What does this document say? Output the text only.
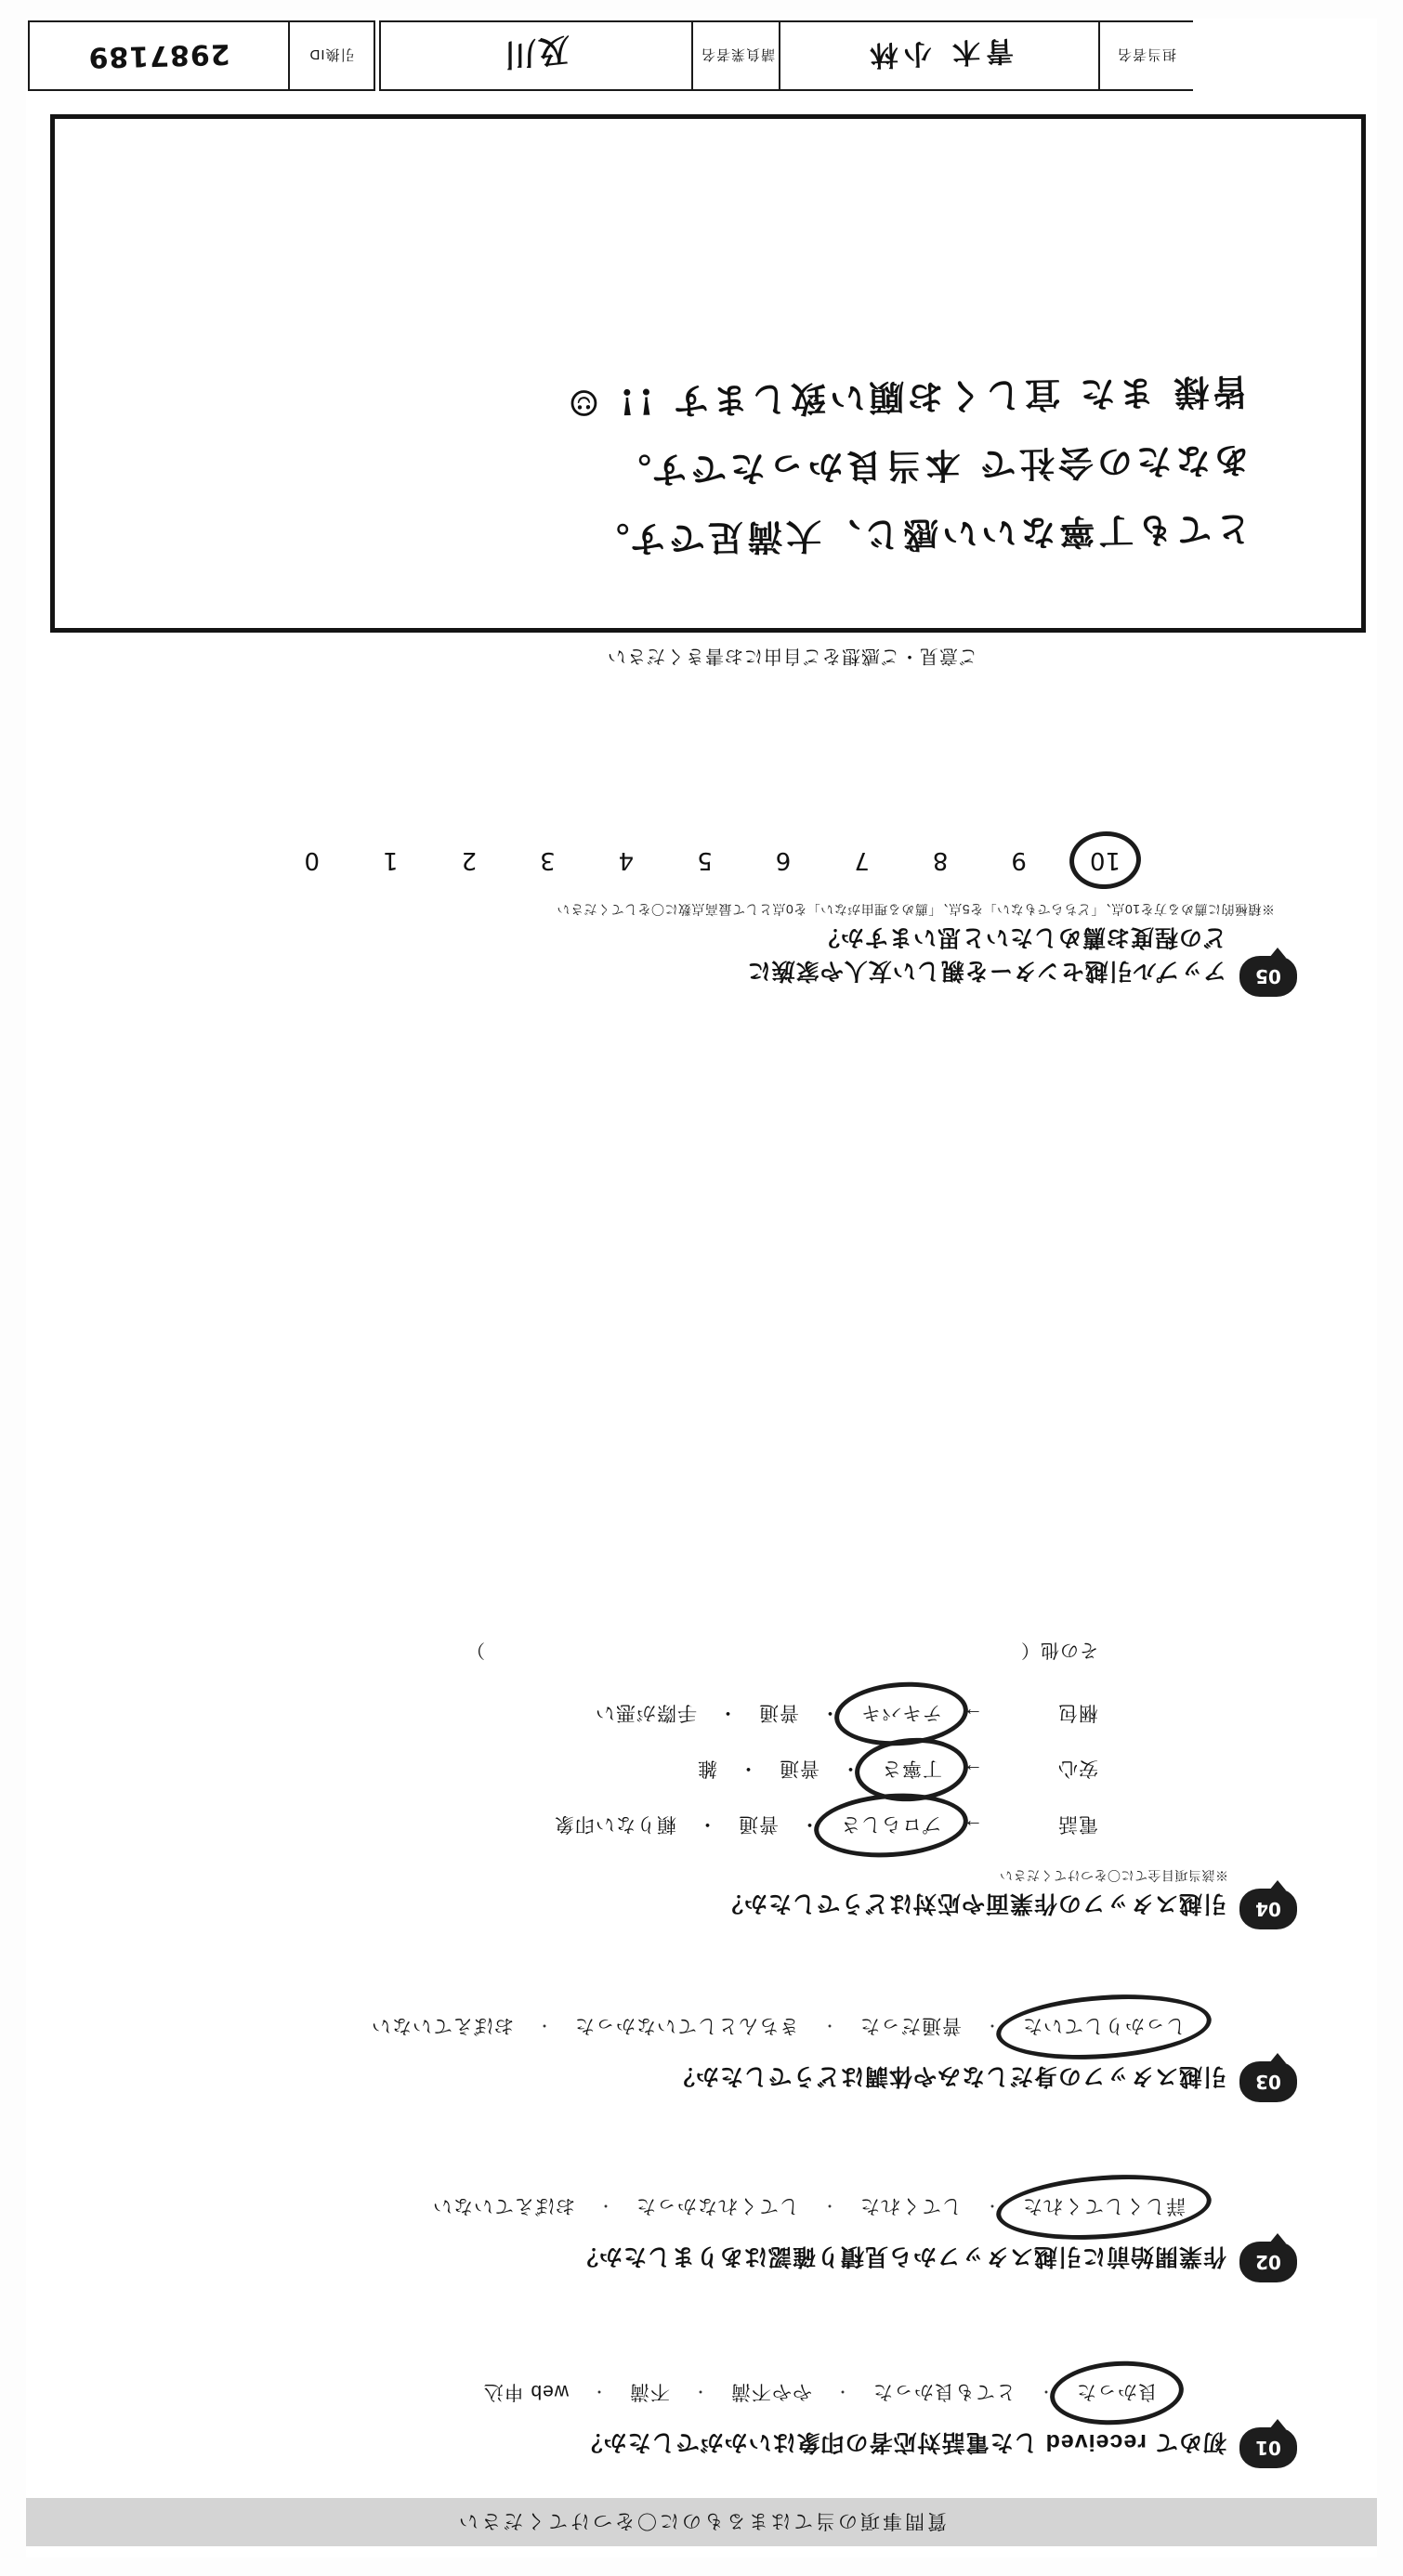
引換ID
2987189	請負業者名
及川	担当者名
青木 小林
質問事項の当てはまるものに〇をつけてください
01
初めて received した電話対応者の印象はいかがでしたか？
良かった
・
とても良かった
・
やや不満
・
不満
・
web 申込
02
作業開始前に引越スタッフから見積り確認はありましたか？
詳しくしてくれた
・
してくれた
・
してくれなかった
・
おぼえていない
03
引越スタッフの身だしなみや体調はどうでしたか？
しっかりしていた
・
普通だった
・
きちんとしていなかった
・
おぼえていない
04
引越スタッフの作業面や応対はどうでしたか？
※該当項目全てに〇をつけてください
電話
→
プロらしさ
・
普通
・
頼りない印象
安心
→
丁寧さ
・
普通
・
雑
梱包
→
テキパキ
・
普通
・
手際が悪い
その他（
）
05
アップル引越センターを親しい友人や家族に
どの程度お薦めしたいと思いますか？
※積極的に薦める方を10点、「どちらでもない」を5点、「薦める理由がない」を0点として最高点数に〇をしてください
10
9
8
7
6
5
4
3
2
1
0
ご意見・ご感想をご自由にお書きください
とても丁寧ないい感じ、大満足です。
あなたの会社で 本当良かったです。
皆様 また 宜しくお願い致します !! ☺
